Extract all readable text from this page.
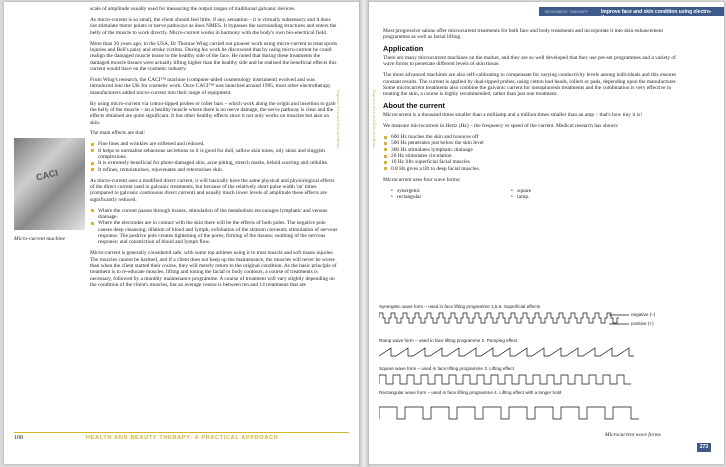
scale of amplitude usually used for measuring the output ranges of traditional galvanic devices.

As micro-current is so small, the client should feel little, if any, sensation – it is virtually subsensory and it does not stimulate motor points or nerve pathways as does NMES. It bypasses the surrounding structures and enters the belly of the muscle to work directly. Micro-current works in harmony with the body's own bio-electrical field.

More than 20 years ago, in the USA, Dr Thomas Wing carried out pioneer work using micro-current to treat sports injuries and Bell's palsy and stroke victims. During his work he discovered that by using micro-current he could realign the damaged muscle tissue to the healthy side of the face. He noted that during these treatments the damaged muscle tissues were actually lifting higher than the healthy side and he realised the beneficial effects this current would have on the cosmetic industry.

From Wing's research, the CACI™ machine (computer-aided cosmetology instrument) evolved and was introduced into the UK for cosmetic work. Once CACI™ was launched around 1995, most other electrotherapy manufacturers added micro-current into their range of equipment.

By using micro-current via cotton-tipped probes or roller bars – which work along the origin and insertion to grab the belly of the muscle – on a healthy muscle where there is no nerve damage, the nerve pathway is clear and the effects obtained are quite significant. It has other healthy effects since it not only works on muscles but also on skin.

The main effects are that:

Fine lines and wrinkles are softened and reduced.
It helps to normalise sebaceous secretions so it is good for dull, sallow skin tones, oily skins and sluggish complexions.
It is extremely beneficial for photo-damaged skin, acne pitting, stretch marks, keloid scarring and cellulite.
It refines, remoisturises, rejuvenates and retexturises skin.

As micro-current uses a modified direct current, it will basically have the same physical and physiological effects of the direct current used in galvanic treatments, but because of the relatively short pulse width 'on' times (compared to galvanic continuous direct current) and usually much lower levels of amplitude these effects are significantly reduced.

Where the current passes through tissues, stimulation of the metabolism encourages lymphatic and venous drainage.
Where the electrodes are in contact with the skin there will be the effects of both poles. The negative pole causes deep cleansing; dilation of blood and lymph; exfoliation of the stratum corneum; stimulation of nervous response. The positive pole creates tightening of the pores; firming of the tissues; soothing of the nervous response; and constriction of blood and lymph flow.

Micro-current is generally considered safe, with some top athletes using it to treat muscle and soft tissue injuries. The muscles cannot be harmed, and if a client does not keep up the maintenance, the muscles will never be worse than when the client started their course, they will merely return to the original condition. As the basic principle of treatment is to re-educate muscles, lifting and toning the facial or body contours, a course of treatments is necessary, followed by a monthly maintenance programme. A course of treatment will vary slightly depending on the condition of the client's muscles, but an average course is between ten and 14 treatments that are

CACI
Micro-current machine
Improve face and skin condition
108	HEALTH AND BEAUTY THERAPY: A PRACTICAL APPROACH
MOVEMENT THERAPY	Improve face and skin condition using electro-therapy
Improve face and skin condition

Most progressive salons offer microcurrent treatments for both face and body treatments and incorporate it into skin enhancement programmes as well as facial lifting.

Application

There are many microcurrent machines on the market, and they are so well developed that they use pre-set programmes and a variety of wave forms to penetrate different levels of skin tissue.

The more advanced machines are also self-calibrating to compensate for varying conductivity levels among individuals and this ensures constant results. The current is applied by dual-tipped probes, using cotton bud heads, rollers or pads, depending upon the manufacturer. Some microcurrent treatments also combine the galvanic current for iontophoresis treatments and the combination is very effective in treating the skin, a course is highly recommended, rather than just one treatment.

About the current

Microcurrent is a thousand times smaller than a milliamp and a million times smaller than an amp – that's how tiny it is!

We measure microcurrent in Hertz (Hz) – the frequency or speed of the current. Medical research has shown:

600 Hz touches the skin and bounces off
500 Hz penetrates just below the skin level
300 Hz stimulates lymphatic drainage
20 Hz stimulates circulation
10 Hz lifts superficial facial muscles
0.8 Hz gives a lift to deep facial muscles.

Microcurrent uses four wave forms:

• synergenic	• square
• rectangular	• ramp.
Synergetic wave form – used in face lifting programme 1,5,6. Superficial effects
negative (–)
positive (+)
Ramp wave form – used in face lifting programme 2. Pumping effect
Square wave form – used in face lifting programme 3. Lifting effect
Rectangular wave form – used in face lifting programme 4. Lifting effect with a longer hold
Microcurrent wave forms
273
